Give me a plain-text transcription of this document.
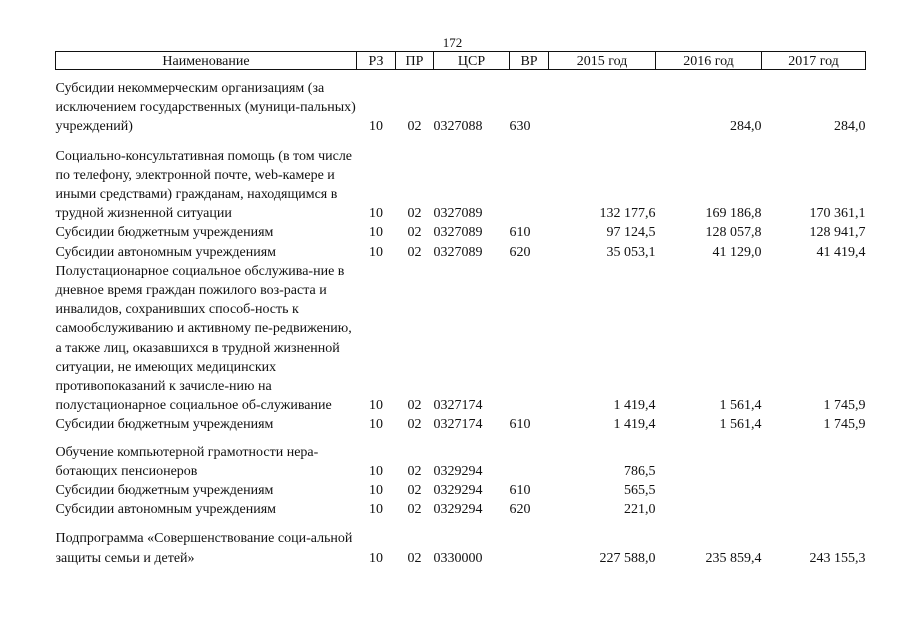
172
Наименование	РЗ	ПР	ЦСР	ВР	2015 год	2016 год	2017 год
Субсидии некоммерческим организациям (за исключением государственных (муници-пальных) учреждений)	10	02	0327088	630		284,0	284,0
Социально-консультативная помощь (в том числе по телефону, электронной почте, web-камере и иными средствами) гражданам, находящимся в трудной жизненной ситуации	10	02	0327089		132 177,6	169 186,8	170 361,1
Субсидии бюджетным учреждениям	10	02	0327089	610	97 124,5	128 057,8	128 941,7
Субсидии автономным учреждениям	10	02	0327089	620	35 053,1	41 129,0	41 419,4
Полустационарное социальное обслужива-ние в дневное время граждан пожилого воз-раста и инвалидов, сохранивших способ-ность к самообслуживанию и активному пе-редвижению, а также лиц, оказавшихся в трудной жизненной ситуации, не имеющих медицинских противопоказаний к зачисле-нию на полустационарное социальное об-служивание	10	02	0327174		1 419,4	1 561,4	1 745,9
Субсидии бюджетным учреждениям	10	02	0327174	610	1 419,4	1 561,4	1 745,9
Обучение компьютерной грамотности нера-ботающих пенсионеров	10	02	0329294		786,5		
Субсидии бюджетным учреждениям	10	02	0329294	610	565,5		
Субсидии автономным учреждениям	10	02	0329294	620	221,0		
Подпрограмма «Совершенствование соци-альной защиты семьи и детей»	10	02	0330000		227 588,0	235 859,4	243 155,3
